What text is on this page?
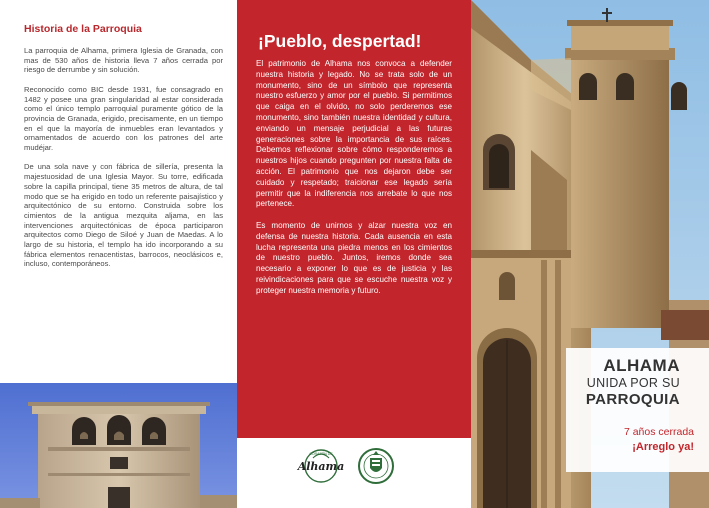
Historia de la Parroquia

La parroquia de Alhama, primera Iglesia de Granada, con mas de 530 años de historia lleva 7 años cerrada por riesgo de derrumbe y sin solución.

Reconocido como BIC desde 1931, fue consagrado en 1482 y posee una gran singularidad al estar considerada como el único templo parroquial puramente gótico de la provincia de Granada, erigido, precisamente, en un tiempo en el que la mayoría de inmuebles eran levantados y ornamentados de acuerdo con los patrones del arte mudéjar.

De una sola nave y con fábrica de sillería, presenta la majestuosidad de una Iglesia Mayor. Su torre, edificada sobre la capilla principal, tiene 35 metros de altura, de tal modo que se ha erigido en todo un referente paisajístico y arquitectónico de su entorno. Construida sobre los cimientos de la antigua mezquita aljama, en las intervenciones arquitectónicas de época participaron arquitectos como Diego de Siloé y Juan de Maedas. A lo largo de su historia, el templo ha ido incorporando a su fábrica elementos renacentistas, barrocos, neoclásicos e, incluso, contemporáneos.

¡Pueblo, despertad!

El patrimonio de Alhama nos convoca a defender nuestra historia y legado. No se trata solo de un monumento, sino de un símbolo que representa nuestro esfuerzo y amor por el pueblo. Si permitimos que caiga en el olvido, no solo perderemos ese monumento, sino también nuestra identidad y cultura, enviando un mensaje perjudicial a las futuras generaciones sobre la importancia de sus raíces. Debemos reflexionar sobre cómo responderemos a nuestros hijos cuando pregunten por nuestra falta de acción. El patrimonio que nos dejaron debe ser cuidado y respetado; traicionar ese legado sería permitir que la indiferencia nos arrebate lo que nos pertenece.

Es momento de unirnos y alzar nuestra voz en defensa de nuestra historia. Cada ausencia en esta lucha representa una piedra menos en los cimientos de nuestro pueblo. Juntos, iremos donde sea necesario a exponer lo que es de justicia y las reivindicaciones para que se escuche nuestra voz y proteger nuestra memoria y futuro.

CORAZÓN DE
Alhama
ALHAMA
UNIDA POR SU
PARROQUIA
7 años cerrada
¡Arreglo ya!
